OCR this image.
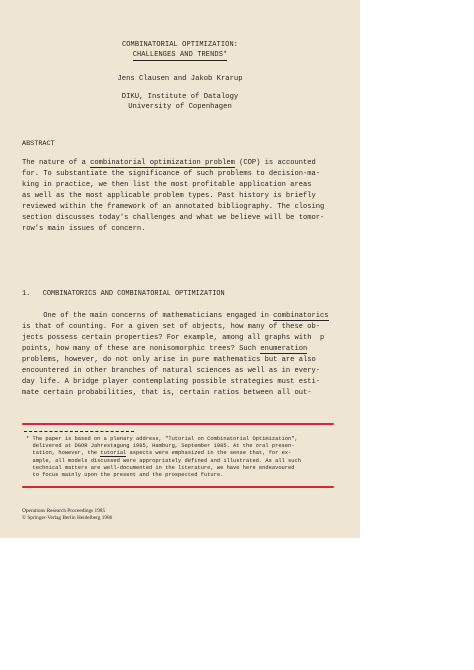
COMBINATORIAL OPTIMIZATION:
CHALLENGES AND TRENDS*
Jens Clausen and Jakob Krarup
DIKU, Institute of Datalogy
University of Copenhagen
ABSTRACT
The nature of a combinatorial optimization problem (COP) is accounted
for. To substantiate the significance of such problems to decision-ma-
king in practice, we then list the most profitable application areas
as well as the most applicable problem types. Past history is briefly
reviewed within the framework of an annotated bibliography. The closing
section discusses today's challenges and what we believe will be tomor-
row's main issues of concern.
1. COMBINATORICS AND COMBINATORIAL OPTIMIZATION
One of the main concerns of mathematicians engaged in combinatorics
is that of counting. For a given set of objects, how many of these ob-
jects possess certain properties? For example, among all graphs with  p
points, how many of these are nonisomorphic trees? Such enumeration
problems, however, do not only arise in pure mathematics but are also
encountered in other branches of natural sciences as well as in every-
day life. A bridge player contemplating possible strategies must esti-
mate certain probabilities, that is, certain ratios between all out-
* The paper is based on a plenary address, "Tutorial on Combinatorial Optimization",
delivered at DGOR Jahrestagung 1985, Hamburg, September 1985. At the oral presen-
tation, however, the tutorial aspects were emphasized in the sense that, for ex-
ample, all models discussed were appropriately defined and illustrated. As all such
technical matters are well-documented in the literature, we have here endeavoured
to focus mainly upon the present and the prospected future.
Operations Research Proceedings 1985
© Springer-Verlag Berlin Heidelberg 1986
